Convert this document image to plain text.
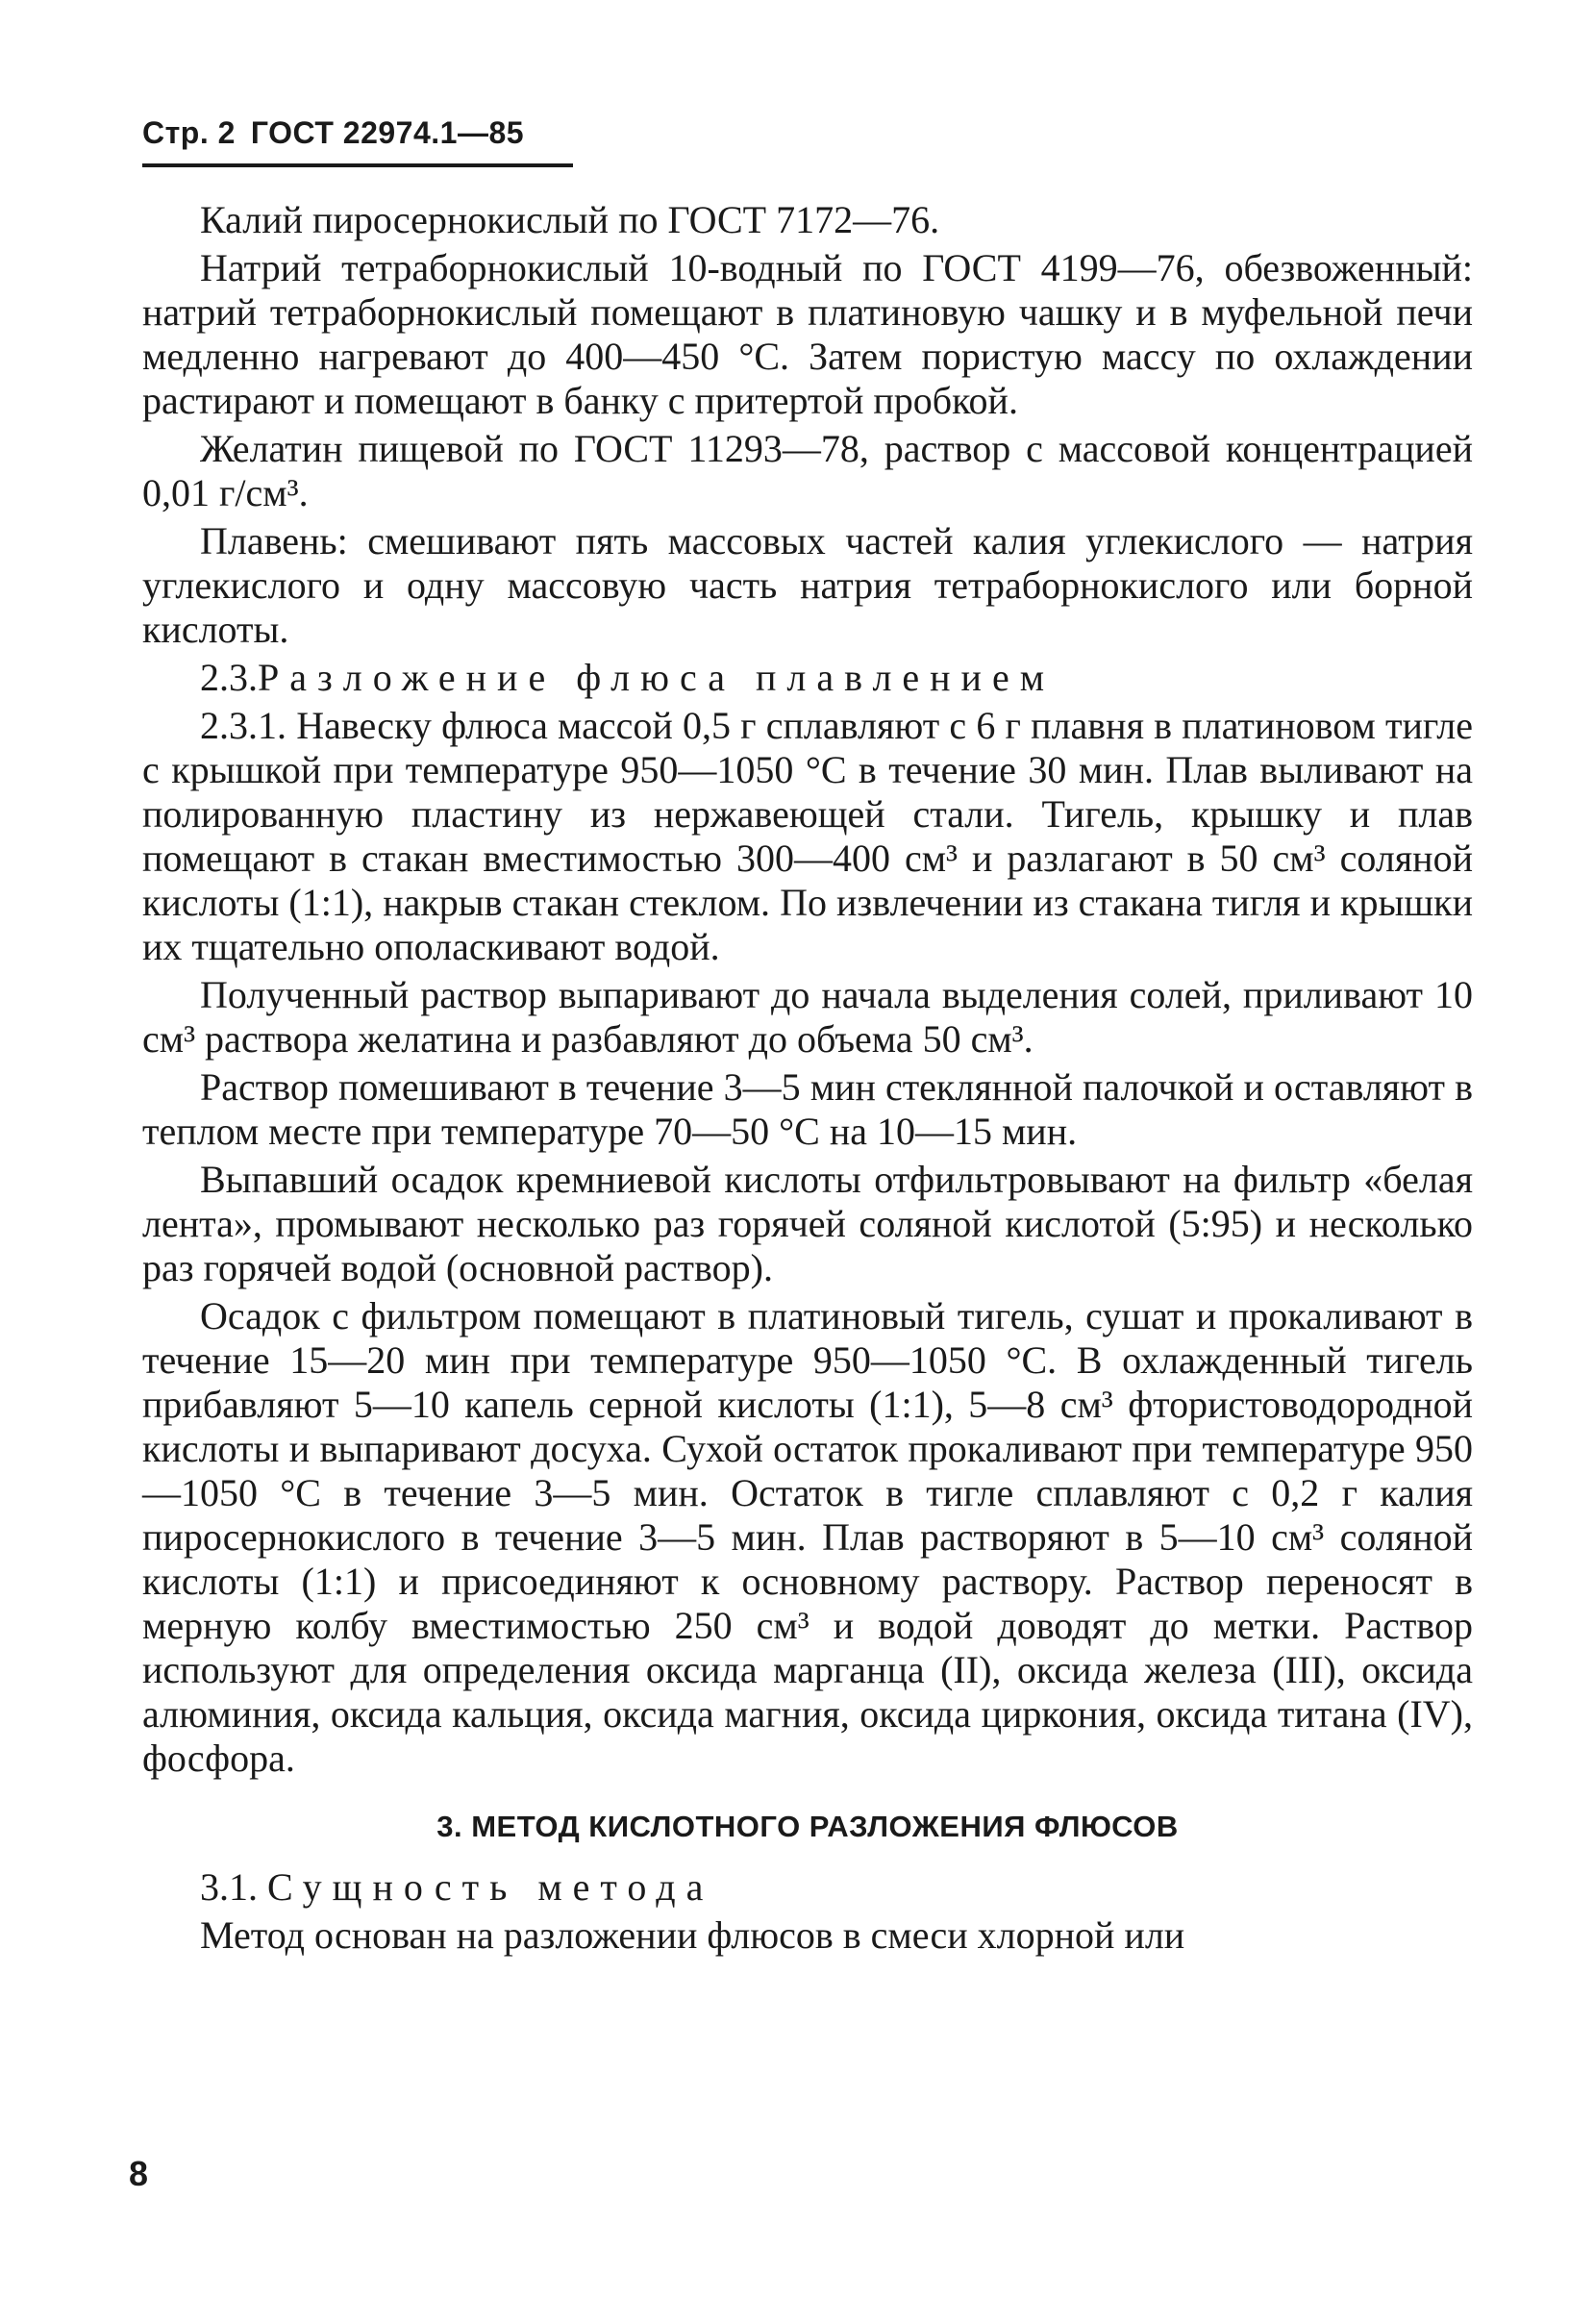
Стр. 2 ГОСТ 22974.1—85

Калий пиросернокислый по ГОСТ 7172—76.

Натрий тетраборнокислый 10-водный по ГОСТ 4199—76, обезвоженный: натрий тетраборнокислый помещают в платиновую чашку и в муфельной печи медленно нагревают до 400—450 °С. Затем пористую массу по охлаждении растирают и помещают в банку с притертой пробкой.

Желатин пищевой по ГОСТ 11293—78, раствор с массовой концентрацией 0,01 г/см³.

Плавень: смешивают пять массовых частей калия углекислого — натрия углекислого и одну массовую часть натрия тетраборнокислого или борной кислоты.

2.3.Разложение флюса плавлением

2.3.1. Навеску флюса массой 0,5 г сплавляют с 6 г плавня в платиновом тигле с крышкой при температуре 950—1050 °С в течение 30 мин. Плав выливают на полированную пластину из нержавеющей стали. Тигель, крышку и плав помещают в стакан вместимостью 300—400 см³ и разлагают в 50 см³ соляной кислоты (1:1), накрыв стакан стеклом. По извлечении из стакана тигля и крышки их тщательно ополаскивают водой.

Полученный раствор выпаривают до начала выделения солей, приливают 10 см³ раствора желатина и разбавляют до объема 50 см³.

Раствор помешивают в течение 3—5 мин стеклянной палочкой и оставляют в теплом месте при температуре 70—50 °С на 10—15 мин.

Выпавший осадок кремниевой кислоты отфильтровывают на фильтр «белая лента», промывают несколько раз горячей соляной кислотой (5:95) и несколько раз горячей водой (основной раствор).

Осадок с фильтром помещают в платиновый тигель, сушат и прокаливают в течение 15—20 мин при температуре 950—1050 °С. В охлажденный тигель прибавляют 5—10 капель серной кислоты (1:1), 5—8 см³ фтористоводородной кислоты и выпаривают досуха. Сухой остаток прокаливают при температуре 950—1050 °С в течение 3—5 мин. Остаток в тигле сплавляют с 0,2 г калия пиросернокислого в течение 3—5 мин. Плав растворяют в 5—10 см³ соляной кислоты (1:1) и присоединяют к основному раствору. Раствор переносят в мерную колбу вместимостью 250 см³ и водой доводят до метки. Раствор используют для определения оксида марганца (II), оксида железа (III), оксида алюминия, оксида кальция, оксида магния, оксида циркония, оксида титана (IV), фосфора.

3. МЕТОД КИСЛОТНОГО РАЗЛОЖЕНИЯ ФЛЮСОВ

3.1. Сущность метода

Метод основан на разложении флюсов в смеси хлорной или

8
